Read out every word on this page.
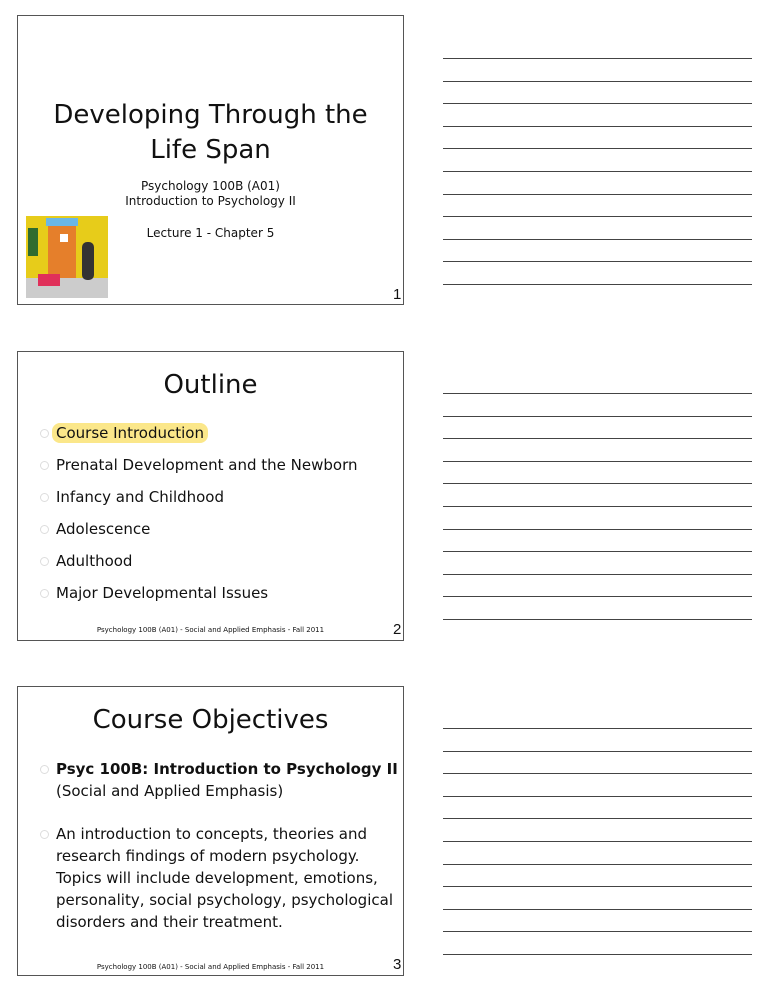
Developing Through the
Life Span
Psychology 100B (A01)
Introduction to Psychology II
Lecture 1 - Chapter 5
1
Outline
Course Introduction
Prenatal Development and the Newborn
Infancy and Childhood
Adolescence
Adulthood
Major Developmental Issues
Psychology 100B (A01) - Social and Applied Emphasis - Fall 2011	2
Course Objectives
Psyc 100B: Introduction to Psychology II
(Social and Applied Emphasis)
An introduction to concepts, theories and
research findings of modern psychology.
Topics will include development, emotions,
personality, social psychology, psychological
disorders and their treatment.
Psychology 100B (A01) - Social and Applied Emphasis - Fall 2011	3
